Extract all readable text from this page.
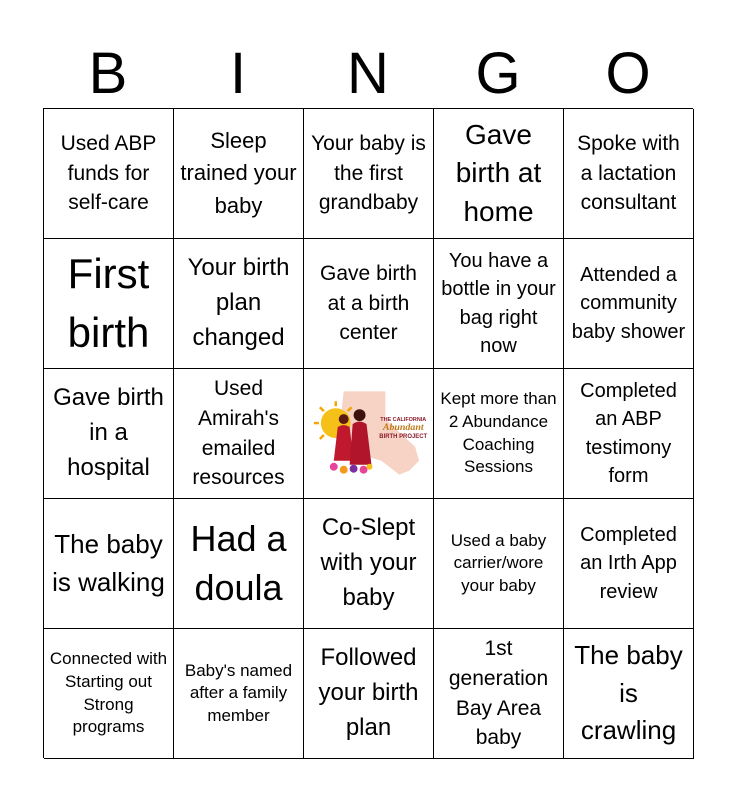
B	I	N	G	O
Used ABP funds for self-care
Sleep trained your baby
Your baby is the first grandbaby
Gave birth at home
Spoke with a lactation consultant
First birth
Your birth plan changed
Gave birth at a birth center
You have a bottle in your bag right now
Attended a community baby shower
Gave birth in a hospital
Used Amirah's emailed resources
THE CALIFORNIA
Abundant
BIRTH PROJECT
Kept more than 2 Abundance Coaching Sessions
Completed an ABP testimony form
The baby is walking
Had a doula
Co-Slept with your baby
Used a baby carrier/wore your baby
Completed an Irth App review
Connected with Starting out Strong programs
Baby's named after a family member
Followed your birth plan
1st generation Bay Area baby
The baby is crawling
